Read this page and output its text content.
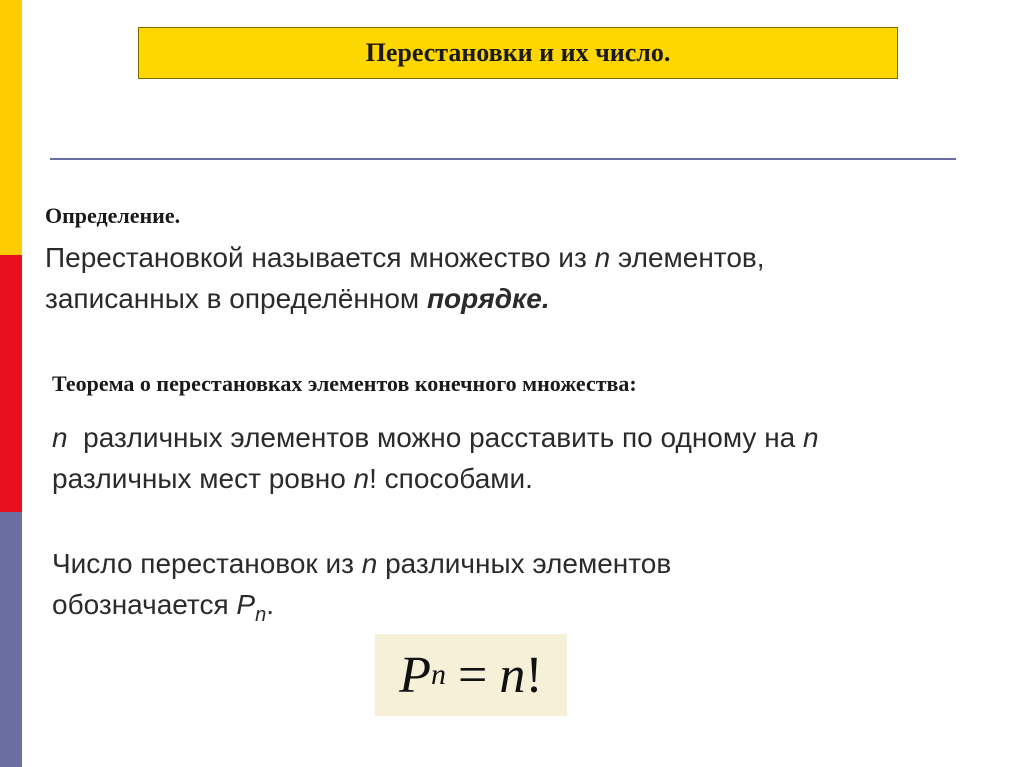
Перестановки и их число.
Определение.
Перестановкой называется множество из n элементов,
записанных в определённом порядке.
Теорема о перестановках элементов конечного множества:
n  различных элементов можно расставить по одному на n
различных мест ровно n! способами.
Число перестановок из n различных элементов
обозначается $P_n$.
P n = n !
